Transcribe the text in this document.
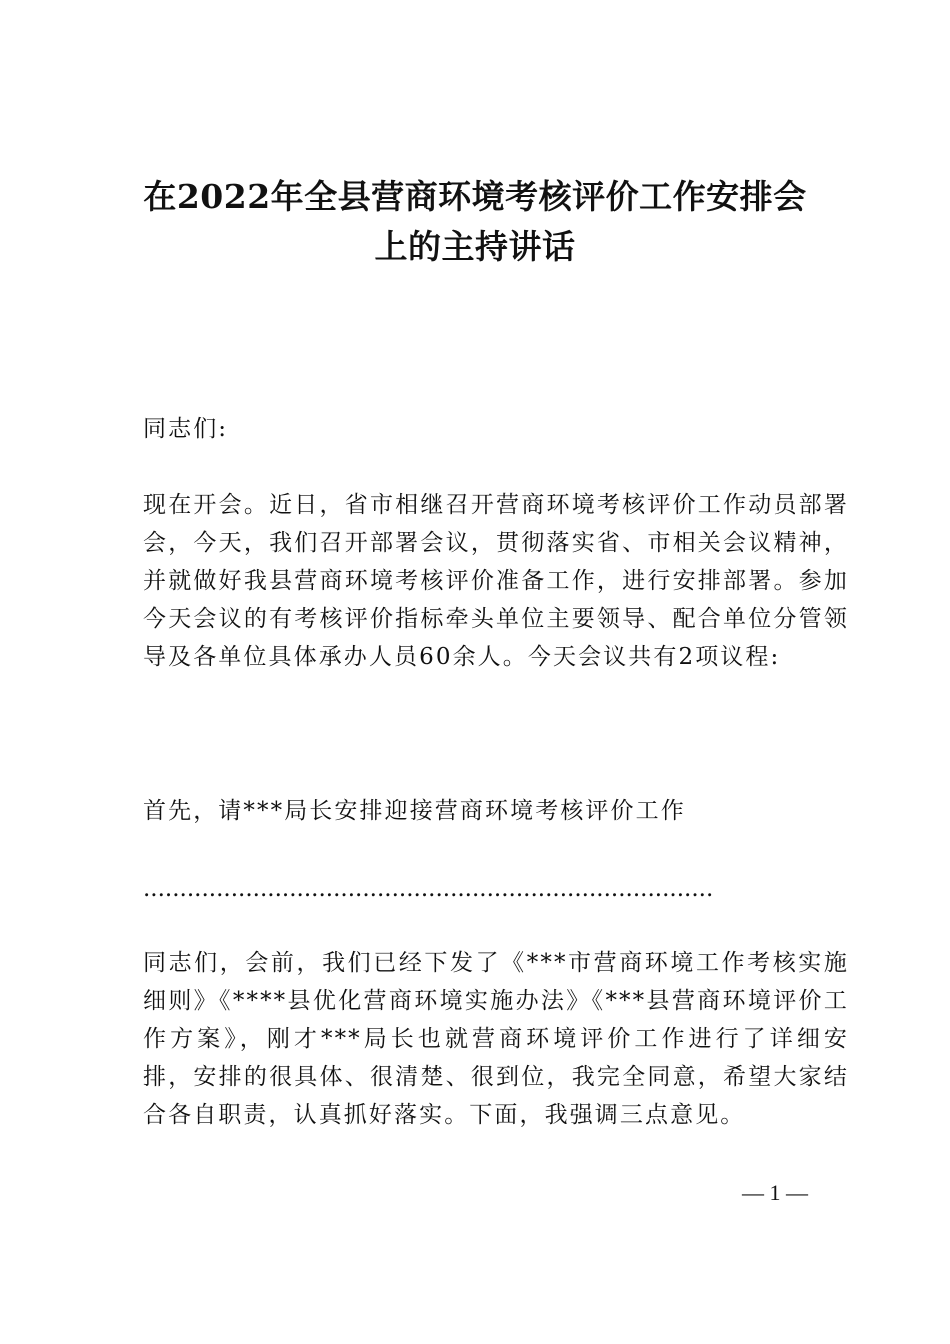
在2022年全县营商环境考核评价工作安排会
上的主持讲话

同志们:

现在开会。近日，省市相继召开营商环境考核评价工作动员部署会，今天，我们召开部署会议，贯彻落实省、市相关会议精神，并就做好我县营商环境考核评价准备工作，进行安排部署。参加今天会议的有考核评价指标牵头单位主要领导、配合单位分管领导及各单位具体承办人员60余人。今天会议共有2项议程:

首先，请***局长安排迎接营商环境考核评价工作

..............................................................................

同志们，会前，我们已经下发了《***市营商环境工作考核实施细则》《****县优化营商环境实施办法》《***县营商环境评价工作方案》，刚才***局长也就营商环境评价工作进行了详细安排，安排的很具体、很清楚、很到位，我完全同意，希望大家结合各自职责，认真抓好落实。下面，我强调三点意见。

— 1 —
